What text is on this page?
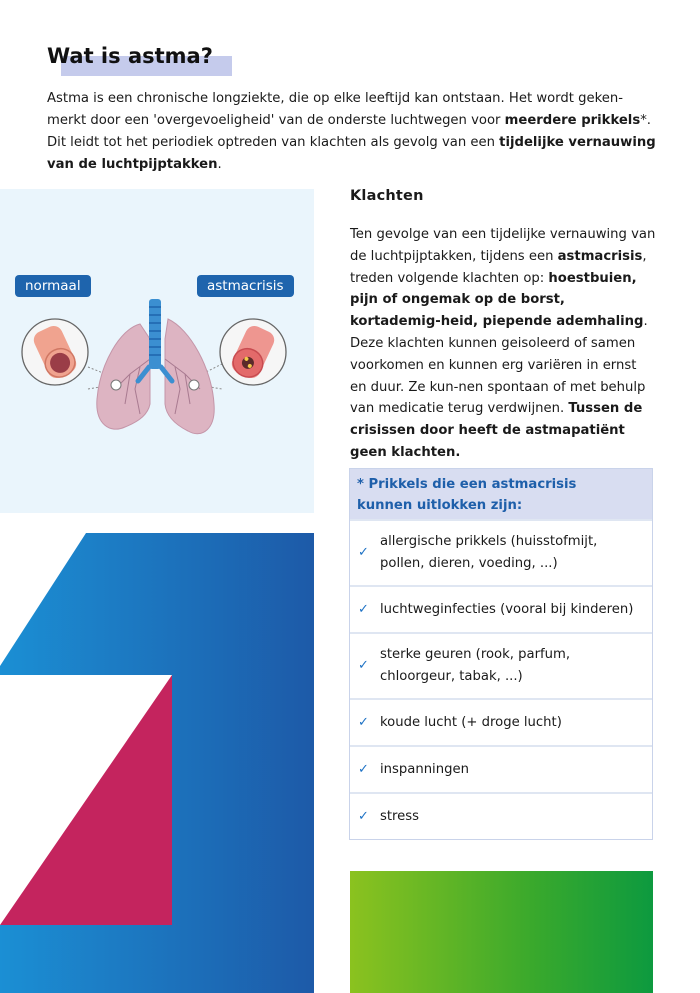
Wat is astma?

Astma is een chronische longziekte, die op elke leeftijd kan ontstaan. Het wordt geken-merkt door een 'overgevoeligheid' van de onderste luchtwegen voor meerdere prikkels*. Dit leidt tot het periodiek optreden van klachten als gevolg van een tijdelijke vernauwing van de luchtpijptakken.

normaal	astmacrisis
Klachten

Ten gevolge van een tijdelijke vernauwing van de luchtpijptakken, tijdens een astmacrisis, treden volgende klachten op: hoestbuien, pijn of ongemak op de borst, kortademig-heid, piepende ademhaling. Deze klachten kunnen geisoleerd of samen voorkomen en kunnen erg variëren in ernst en duur. Ze kun-nen spontaan of met behulp van medicatie terug verdwijnen. Tussen de crisissen door heeft de astmapatiënt geen klachten.

* Prikkels die een astmacrisis
kunnen uitlokken zijn:
✓
allergische prikkels (huisstofmijt,
pollen, dieren, voeding, ...)
✓ luchtweginfecties (vooral bij kinderen)
✓
sterke geuren (rook, parfum,
chloorgeur, tabak, ...)
✓ koude lucht (+ droge lucht)
✓ inspanningen
✓ stress
